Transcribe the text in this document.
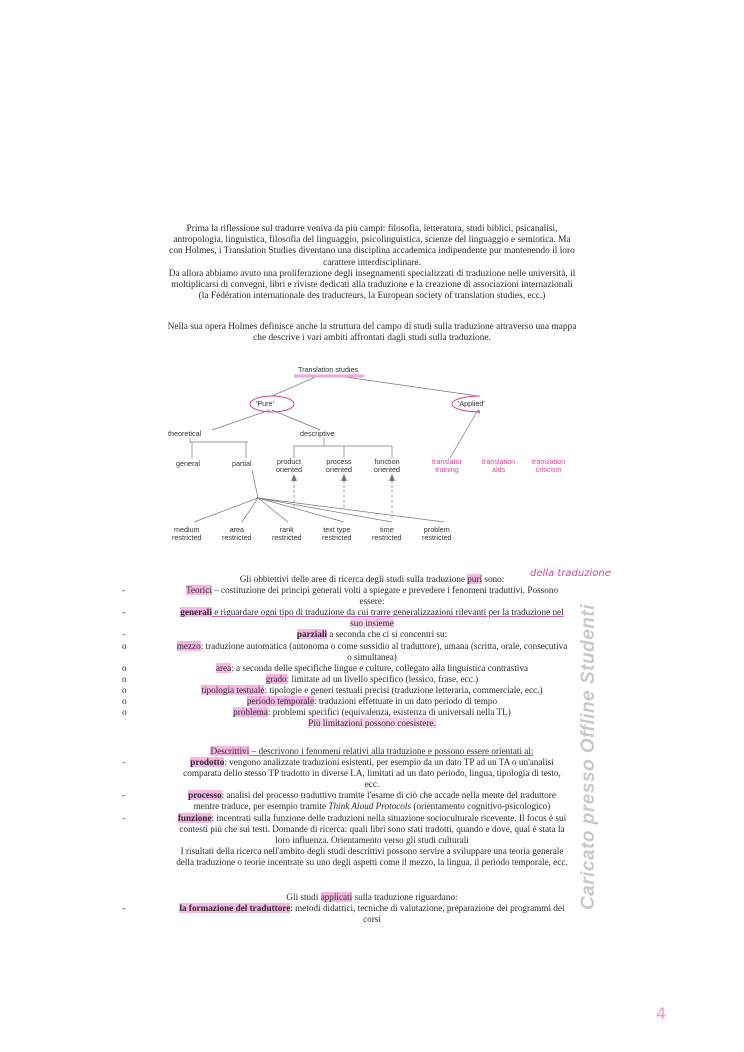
Prima la riflessione sul tradurre veniva da più campi: filosofia, letteratura, studi biblici, psicanalisi,
antropologia, linguistica, filosofia del linguaggio, psicolinguistica, scienze del linguaggio e semiotica. Ma
con Holmes, i Translation Studies diventano una disciplina accademica indipendente pur mantenendo il loro
carattere interdisciplinare.
Da allora abbiamo avuto una proliferazione degli insegnamenti specializzati di traduzione nelle università, il
moltiplicarsi di convegni, libri e riviste dedicati alla traduzione e la creazione di associazioni internazionali
(la Fédération internationale des traducteurs, la European society of translation studies, ecc.)
Nella sua opera Holmes definisce anche la struttura del campo di studi sulla traduzione attraverso una mappa
che descrive i vari ambiti affrontati dagli studi sulla traduzione.
Translation studies
'Pure'	'Applied'
theoretical	descriptive
general	partial	product
oriented
process
oriented
function
oriented
translator
training
medium
restricted
area
restricted
rank
restricted
text type
restricted
time
restricted
problem
restricted
translation
aids
translation
criticism
Gli obbiettivi delle aree di ricerca degli studi sulla traduzione puri sono:
-	Teorici – costituzione dei principi generali volti a spiegare e prevedere i fenomeni traduttivi. Possono
essere:
-	generali e riguardare ogni tipo di traduzione da cui trarre generalizzazioni rilevanti per la traduzione nel
suo insieme
-	parziali a seconda che ci si concentri su:
o	mezzo: traduzione automatica (autonoma o come sussidio al traduttore), umana (scritta, orale, consecutiva
o simultanea)
o	area: a seconda delle specifiche lingue e culture, collegato alla linguistica contrastiva
o	grado: limitate ad un livello specifico (lessico, frase, ecc.)
o	tipologia testuale: tipologie e generi testuali precisi (traduzione letteraria, commerciale, ecc.)
o	periodo temporale: traduzioni effettuate in un dato periodo di tempo
o	problema: problemi specifici (equivalenza, esistenza di universali nella TL)
Più limitazioni possono coesistere.
della traduzione
Descrittivi – descrivono i fenomeni relativi alla traduzione e possono essere orientati al:
-	prodotto: vengono analizzate traduzioni esistenti, per esempio da un dato TP ad un TA o un'analisi
comparata dello stesso TP tradotto in diverse LA, limitati ad un dato periodo, lingua, tipologia di testo,
ecc.
-	processo: analisi del processo traduttivo tramite l'esame di ciò che accade nella mente del traduttore
mentre traduce, per esempio tramite Think Aloud Protocols (orientamento cognitivo-psicologico)
-	funzione: incentrati sulla funzione delle traduzioni nella situazione socioculturale ricevente. Il focus è sui
contesti più che sui testi. Domande di ricerca: quali libri sono stati tradotti, quando e dove, qual è stata la
loro influenza. Orientamento verso gli studi culturali
I risultati della ricerca nell'ambito degli studi descrittivi possono servire a sviluppare una teoria generale
della traduzione o teorie incentrate su uno degli aspetti come il mezzo, la lingua, il periodo temporale, ecc.
Gli studi applicati sulla traduzione riguardano:
-	la formazione del traduttore: metodi didattici, tecniche di valutazione, preparazione dei programmi dei
corsi
Caricato presso Offline Studenti
4
